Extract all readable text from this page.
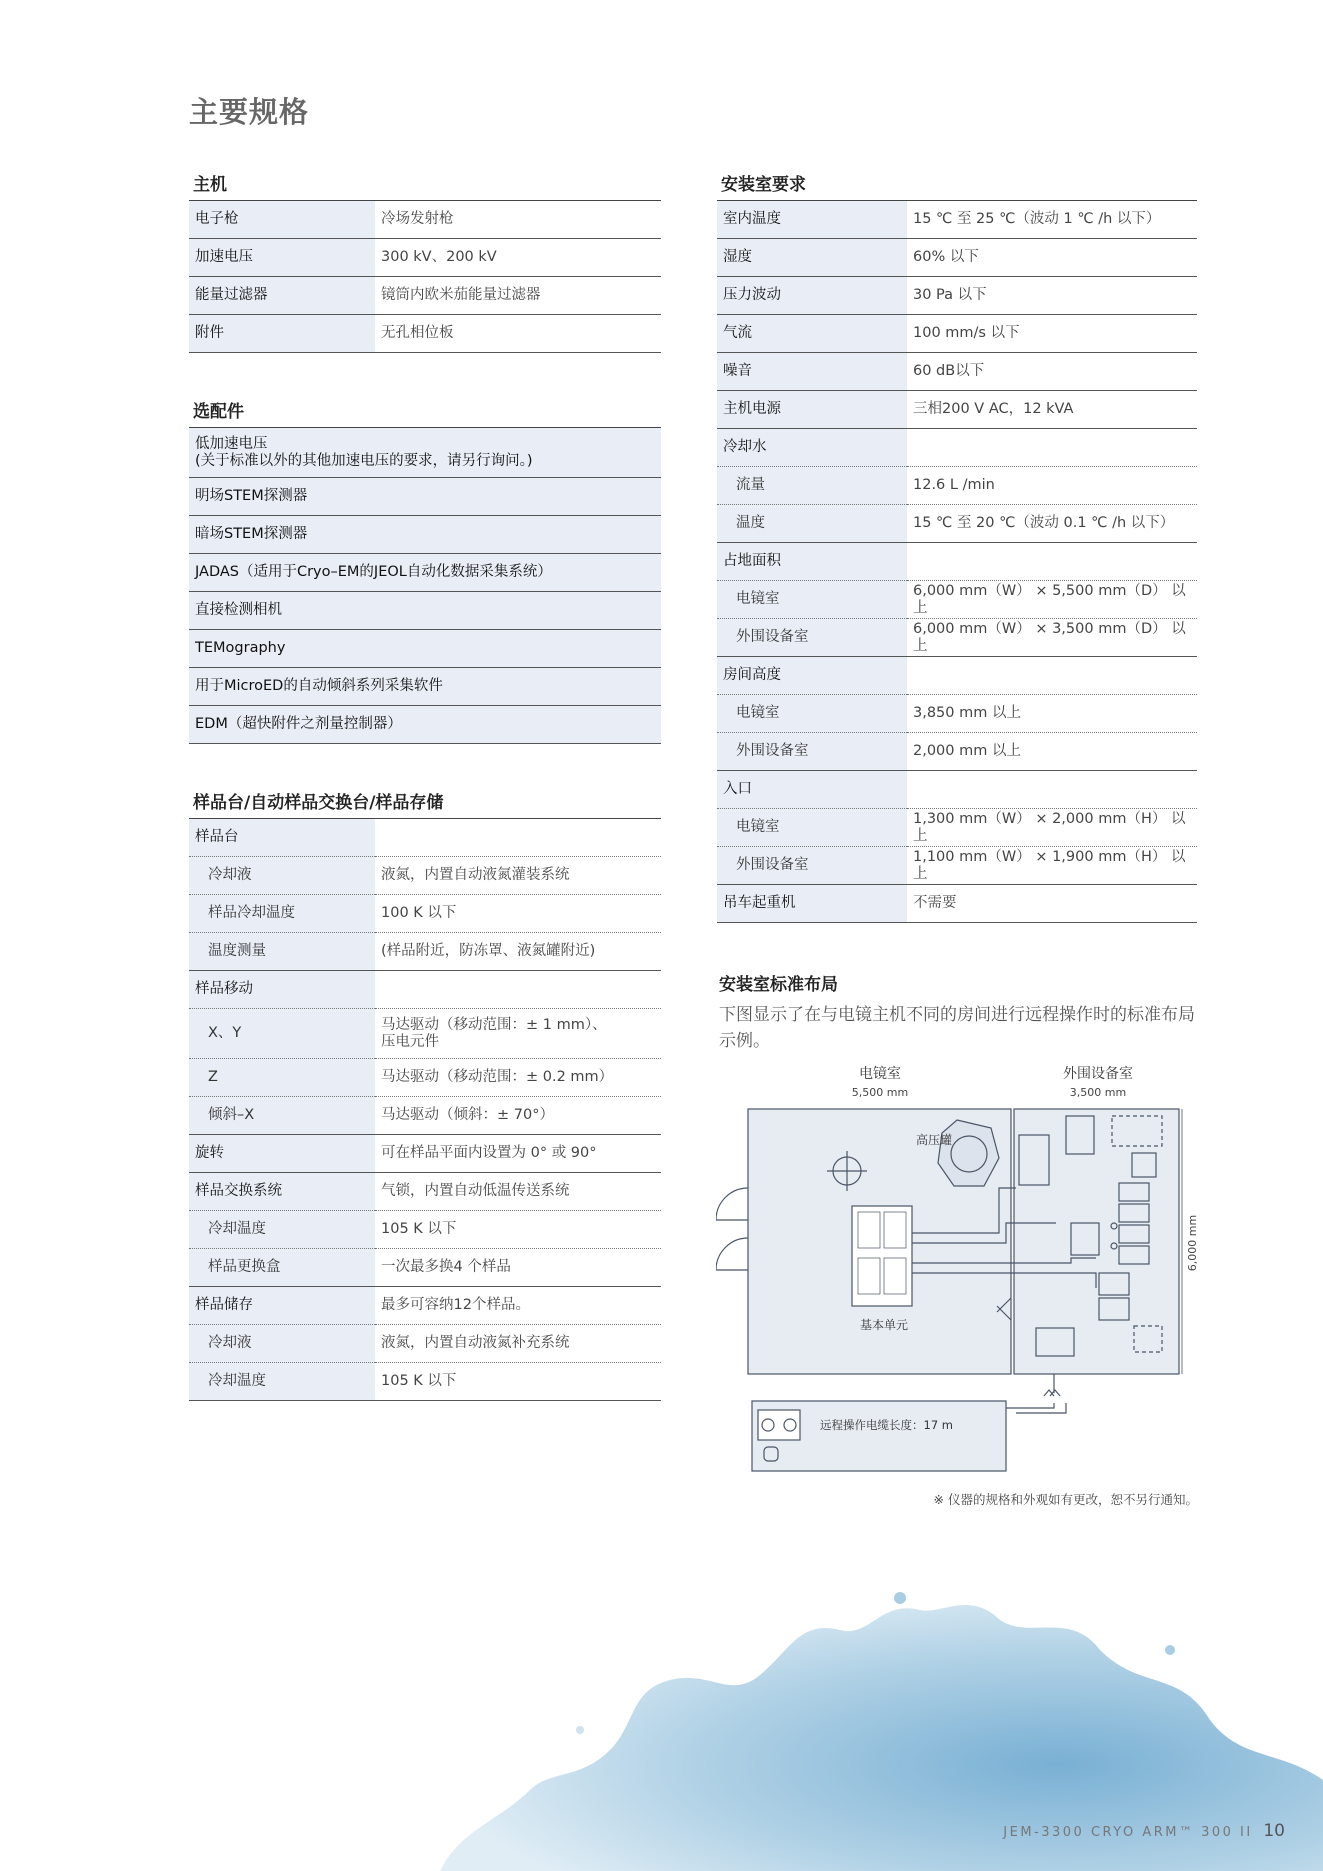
主要规格
主机
电子枪	冷场发射枪
加速电压	300 kV、200 kV
能量过滤器	镜筒内欧米茄能量过滤器
附件	无孔相位板
选配件
低加速电压
(关于标准以外的其他加速电压的要求，请另行询问。)
明场STEM探测器
暗场STEM探测器
JADAS（适用于Cryo–EM的JEOL自动化数据采集系统）
直接检测相机
TEMography
用于MicroED的自动倾斜系列采集软件
EDM（超快附件之剂量控制器）
样品台/自动样品交换台/样品存储
样品台	
冷却液	液氮，内置自动液氮灌装系统
样品冷却温度	100 K 以下
温度测量	(样品附近，防冻罩、液氮罐附近)
样品移动	
X、Y	马达驱动（移动范围：± 1 mm）、
压电元件
Z	马达驱动（移动范围：± 0.2 mm）
倾斜–X	马达驱动（倾斜：± 70°）
旋转	可在样品平面内设置为 0° 或 90°
样品交换系统	气锁，内置自动低温传送系统
冷却温度	105 K 以下
样品更换盒	一次最多换4 个样品
样品储存	最多可容纳12个样品。
冷却液	液氮，内置自动液氮补充系统
冷却温度	105 K 以下
安装室要求
室内温度	15 ℃ 至 25 ℃（波动 1 ℃ /h 以下）
湿度	60% 以下
压力波动	30 Pa 以下
气流	100 mm/s 以下
噪音	60 dB以下
主机电源	三相200 V AC，12 kVA
冷却水	
流量	12.6 L /min
温度	15 ℃ 至 20 ℃（波动 0.1 ℃ /h 以下）
占地面积	
电镜室	6,000 mm（W） × 5,500 mm（D） 以上
外围设备室	6,000 mm（W） × 3,500 mm（D） 以上
房间高度	
电镜室	3,850 mm 以上
外围设备室	2,000 mm 以上
入口	
电镜室	1,300 mm（W） × 2,000 mm（H） 以上
外围设备室	1,100 mm（W） × 1,900 mm（H） 以上
吊车起重机	不需要
安装室标准布局
下图显示了在与电镜主机不同的房间进行远程操作时的标准布局示例。
电镜室
5,500 mm
外围设备室
3,500 mm
6,000 mm
高压罐
基本单元
远程操作电缆长度：17 m
※ 仪器的规格和外观如有更改，恕不另行通知。
JEM-3300 CRYO ARM™ 300 II 10
